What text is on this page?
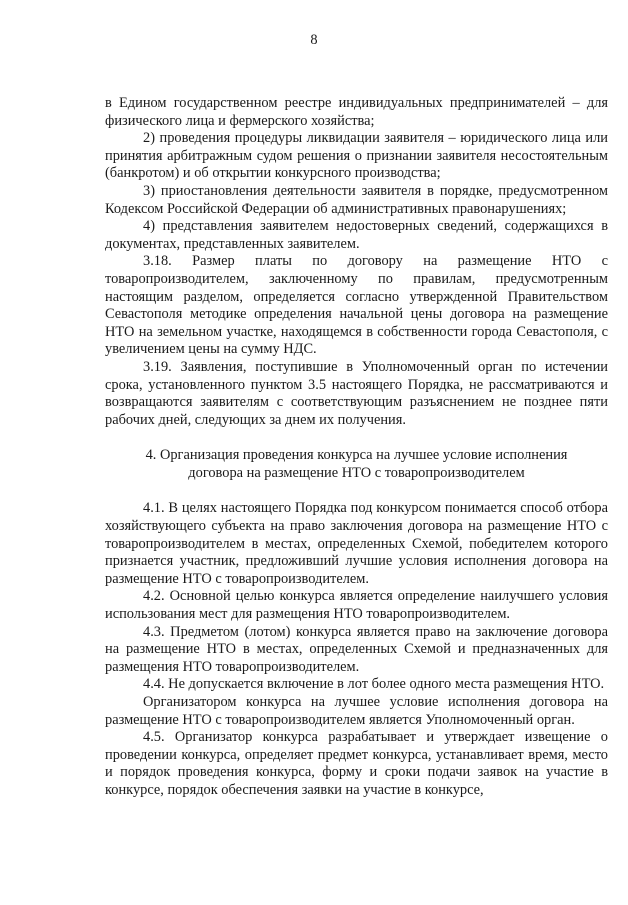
8

в Едином государственном реестре индивидуальных предпринимателей – для физического лица и фермерского хозяйства;

2) проведения процедуры ликвидации заявителя – юридического лица или принятия арбитражным судом решения о признании заявителя несостоятельным (банкротом) и об открытии конкурсного производства;

3) приостановления деятельности заявителя в порядке, предусмотренном Кодексом Российской Федерации об административных правонарушениях;

4) представления заявителем недостоверных сведений, содержащихся в документах, представленных заявителем.

3.18. Размер платы по договору на размещение НТО с товаропроизводителем, заключенному по правилам, предусмотренным настоящим разделом, определяется согласно утвержденной Правительством Севастополя методике определения начальной цены договора на размещение НТО на земельном участке, находящемся в собственности города Севастополя, с увеличением цены на сумму НДС.

3.19. Заявления, поступившие в Уполномоченный орган по истечении срока, установленного пунктом 3.5 настоящего Порядка, не рассматриваются и возвращаются заявителям с соответствующим разъяснением не позднее пяти рабочих дней, следующих за днем их получения.

4. Организация проведения конкурса на лучшее условие исполнения
договора на размещение НТО с товаропроизводителем

4.1. В целях настоящего Порядка под конкурсом понимается способ отбора хозяйствующего субъекта на право заключения договора на размещение НТО с товаропроизводителем в местах, определенных Схемой, победителем которого признается участник, предложивший лучшие условия исполнения договора на размещение НТО с товаропроизводителем.

4.2. Основной целью конкурса является определение наилучшего условия использования мест для размещения НТО товаропроизводителем.

4.3. Предметом (лотом) конкурса является право на заключение договора на размещение НТО в местах, определенных Схемой и предназначенных для размещения НТО товаропроизводителем.

4.4. Не допускается включение в лот более одного места размещения НТО.

Организатором конкурса на лучшее условие исполнения договора на размещение НТО с товаропроизводителем является Уполномоченный орган.

4.5. Организатор конкурса разрабатывает и утверждает извещение о проведении конкурса, определяет предмет конкурса, устанавливает время, место и порядок проведения конкурса, форму и сроки подачи заявок на участие в конкурсе, порядок обеспечения заявки на участие в конкурсе,
